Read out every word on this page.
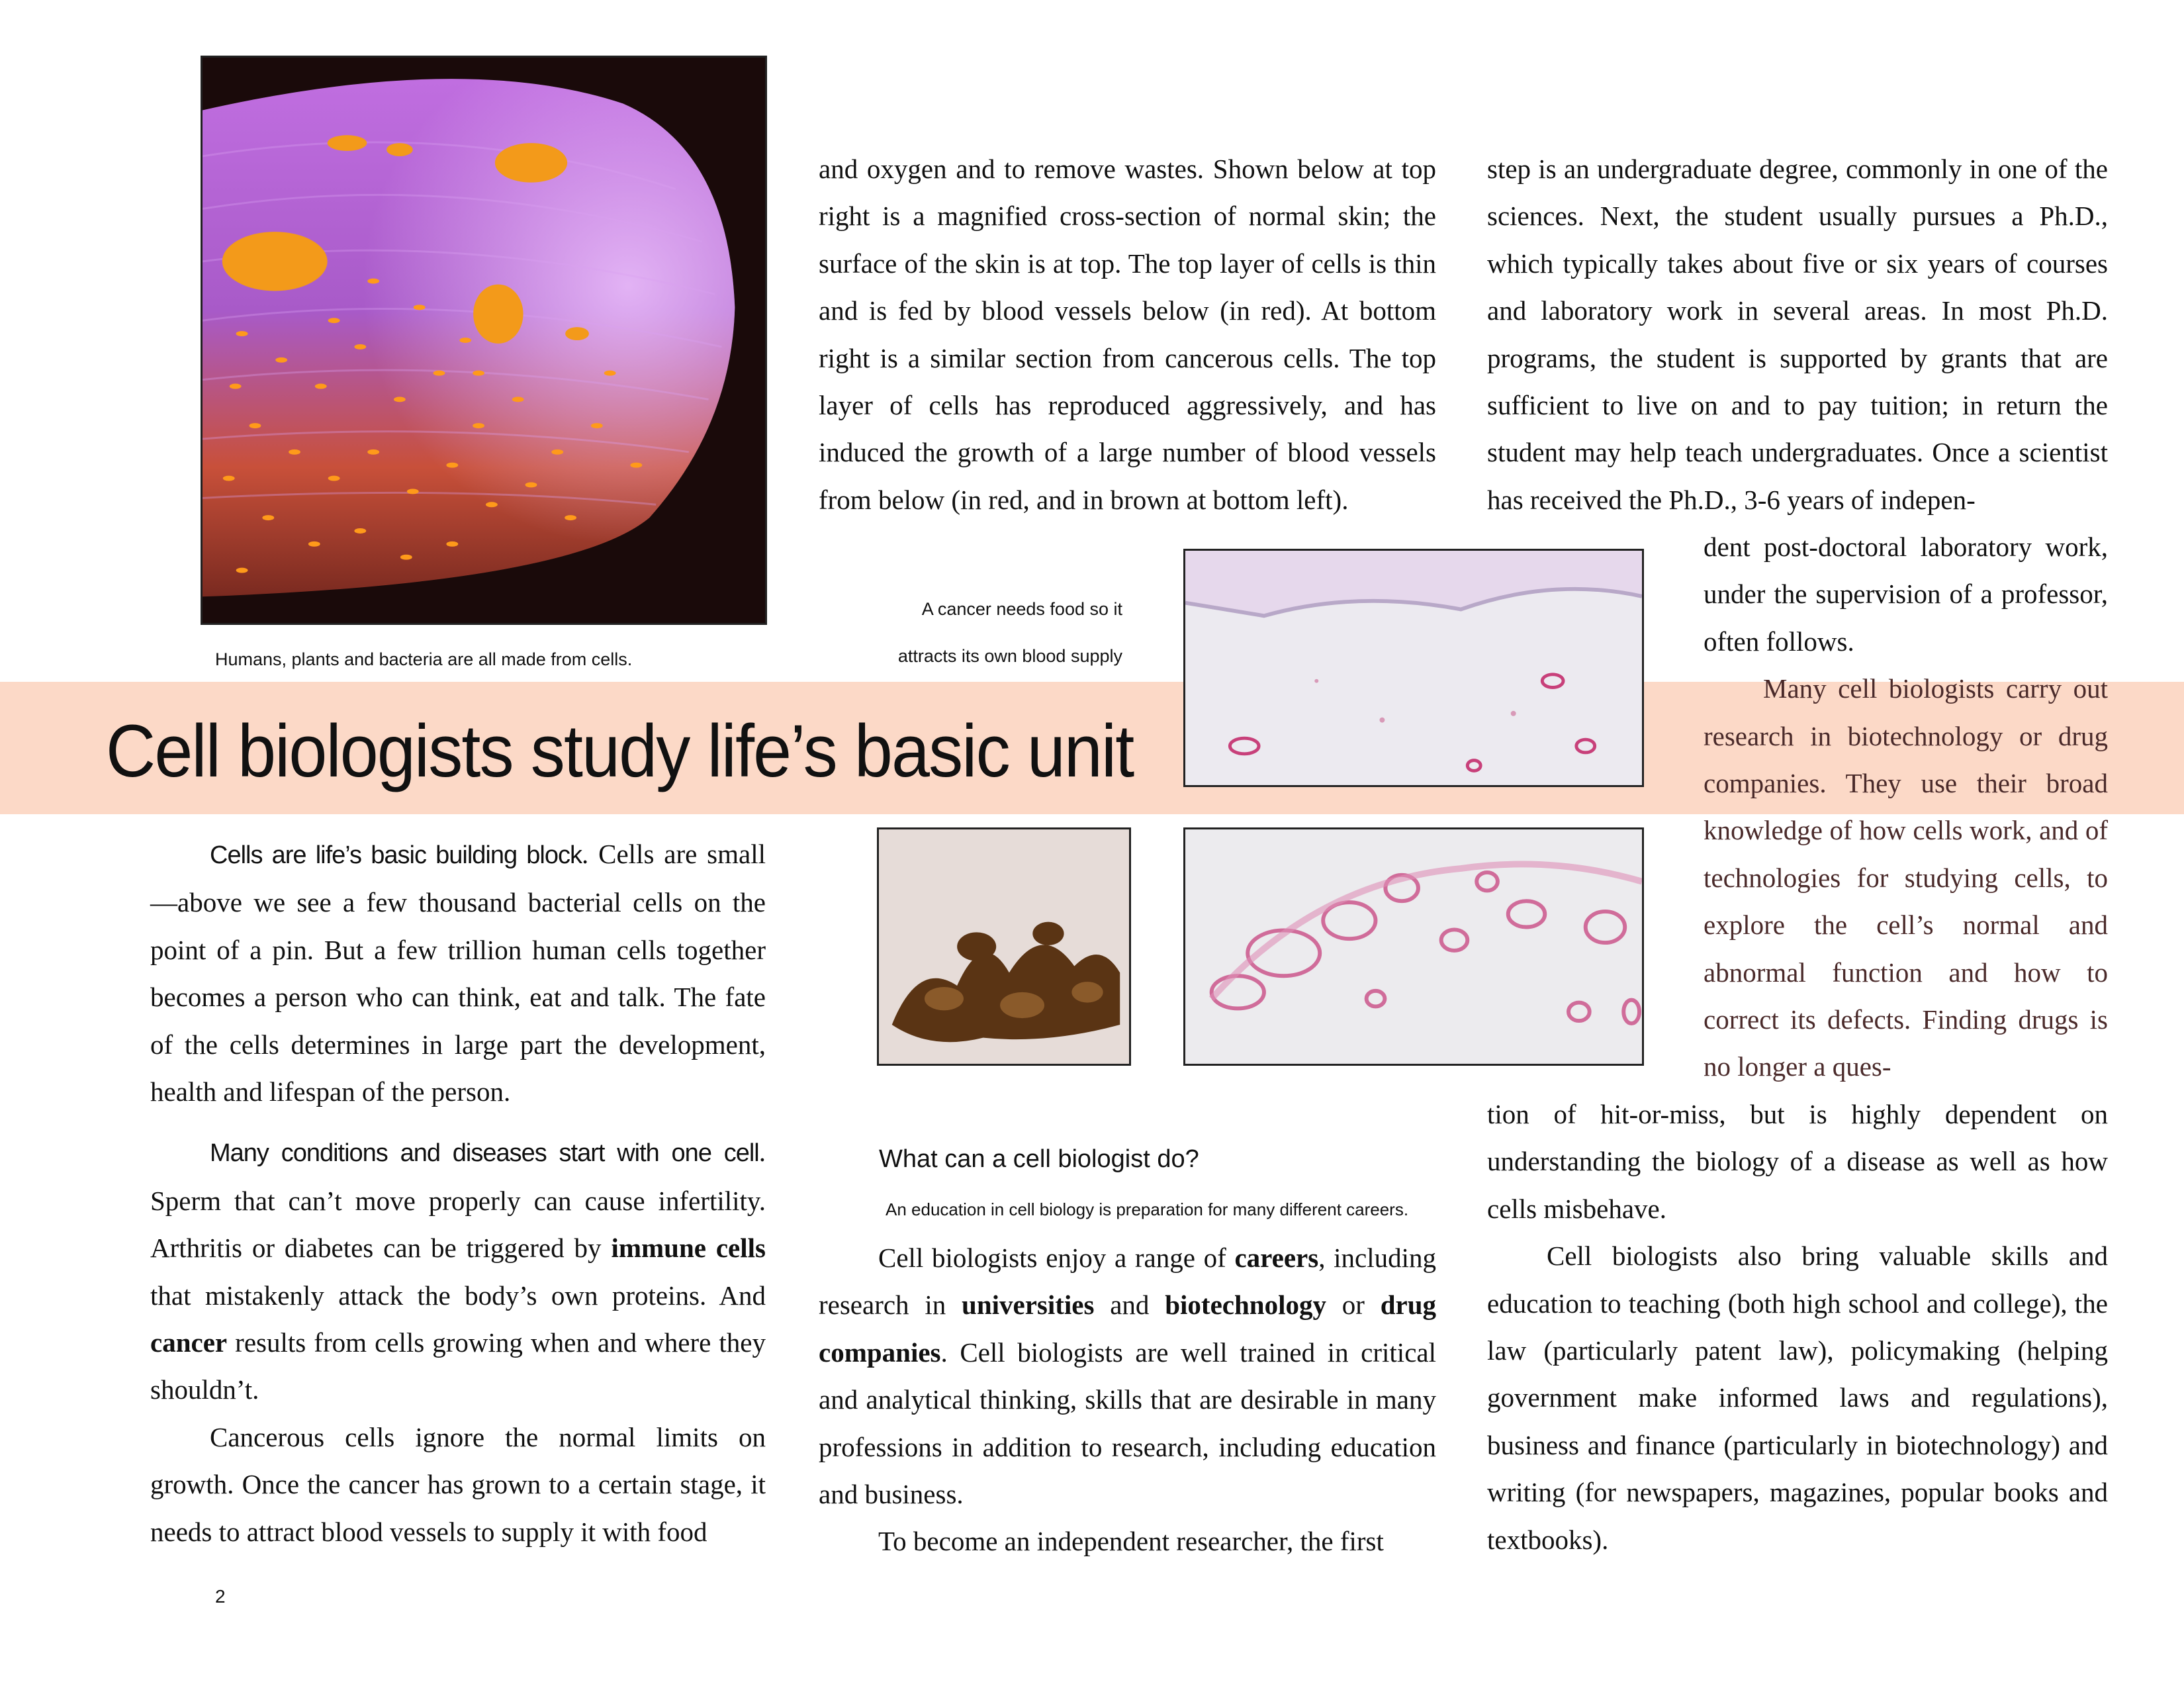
Cell biologists study life’s basic unit
Humans, plants and bacteria are all made from cells.
A cancer needs food so it
attracts its own blood supply

Cells are life’s basic building block. Cells are small—above we see a few thousand bacterial cells on the point of a pin. But a few trillion human cells together becomes a person who can think, eat and talk. The fate of the cells determines in large part the development, health and lifespan of the person.

Many conditions and diseases start with one cell. Sperm that can’t move properly can cause infertility. Arthritis or diabetes can be triggered by immune cells that mistakenly attack the body’s own proteins. And cancer results from cells growing when and where they shouldn’t.

Cancerous cells ignore the normal limits on growth. Once the cancer has grown to a certain stage, it needs to attract blood vessels to supply it with food

and oxygen and to remove wastes. Shown below at top right is a magnified cross-section of normal skin; the surface of the skin is at top. The top layer of cells is thin and is fed by blood vessels below (in red). At bottom right is a similar section from cancerous cells. The top layer of cells has reproduced aggressively, and has induced the growth of a large number of blood vessels from below (in red, and in brown at bottom left).

What can a cell biologist do?
An education in cell biology is preparation for many different careers.

Cell biologists enjoy a range of careers, including research in universities and biotechnology or drug companies. Cell biologists are well trained in critical and analytical thinking, skills that are desirable in many professions in addition to research, including education and business.

To become an independent researcher, the first

step is an undergraduate degree, commonly in one of the sciences. Next, the student usually pursues a Ph.D., which typically takes about five or six years of courses and laboratory work in several areas. In most Ph.D. programs, the student is supported by grants that are sufficient to live on and to pay tuition; in return the student may help teach undergraduates. Once a scientist has received the Ph.D., 3-6 years of indepen-

dent post-doctoral laboratory work, under the supervision of a professor, often follows.

Many cell biologists carry out research in biotechnology or drug companies. They use their broad knowledge of how cells work, and of technologies for studying cells, to explore the cell’s normal and abnormal function and how to correct its defects. Finding drugs is no longer a ques-

tion of hit-or-miss, but is highly dependent on understanding the biology of a disease as well as how cells misbehave.

Cell biologists also bring valuable skills and education to teaching (both high school and college), the law (particularly patent law), policymaking (helping government make informed laws and regulations), business and finance (particularly in biotechnology) and writing (for newspapers, magazines, popular books and textbooks).

2
